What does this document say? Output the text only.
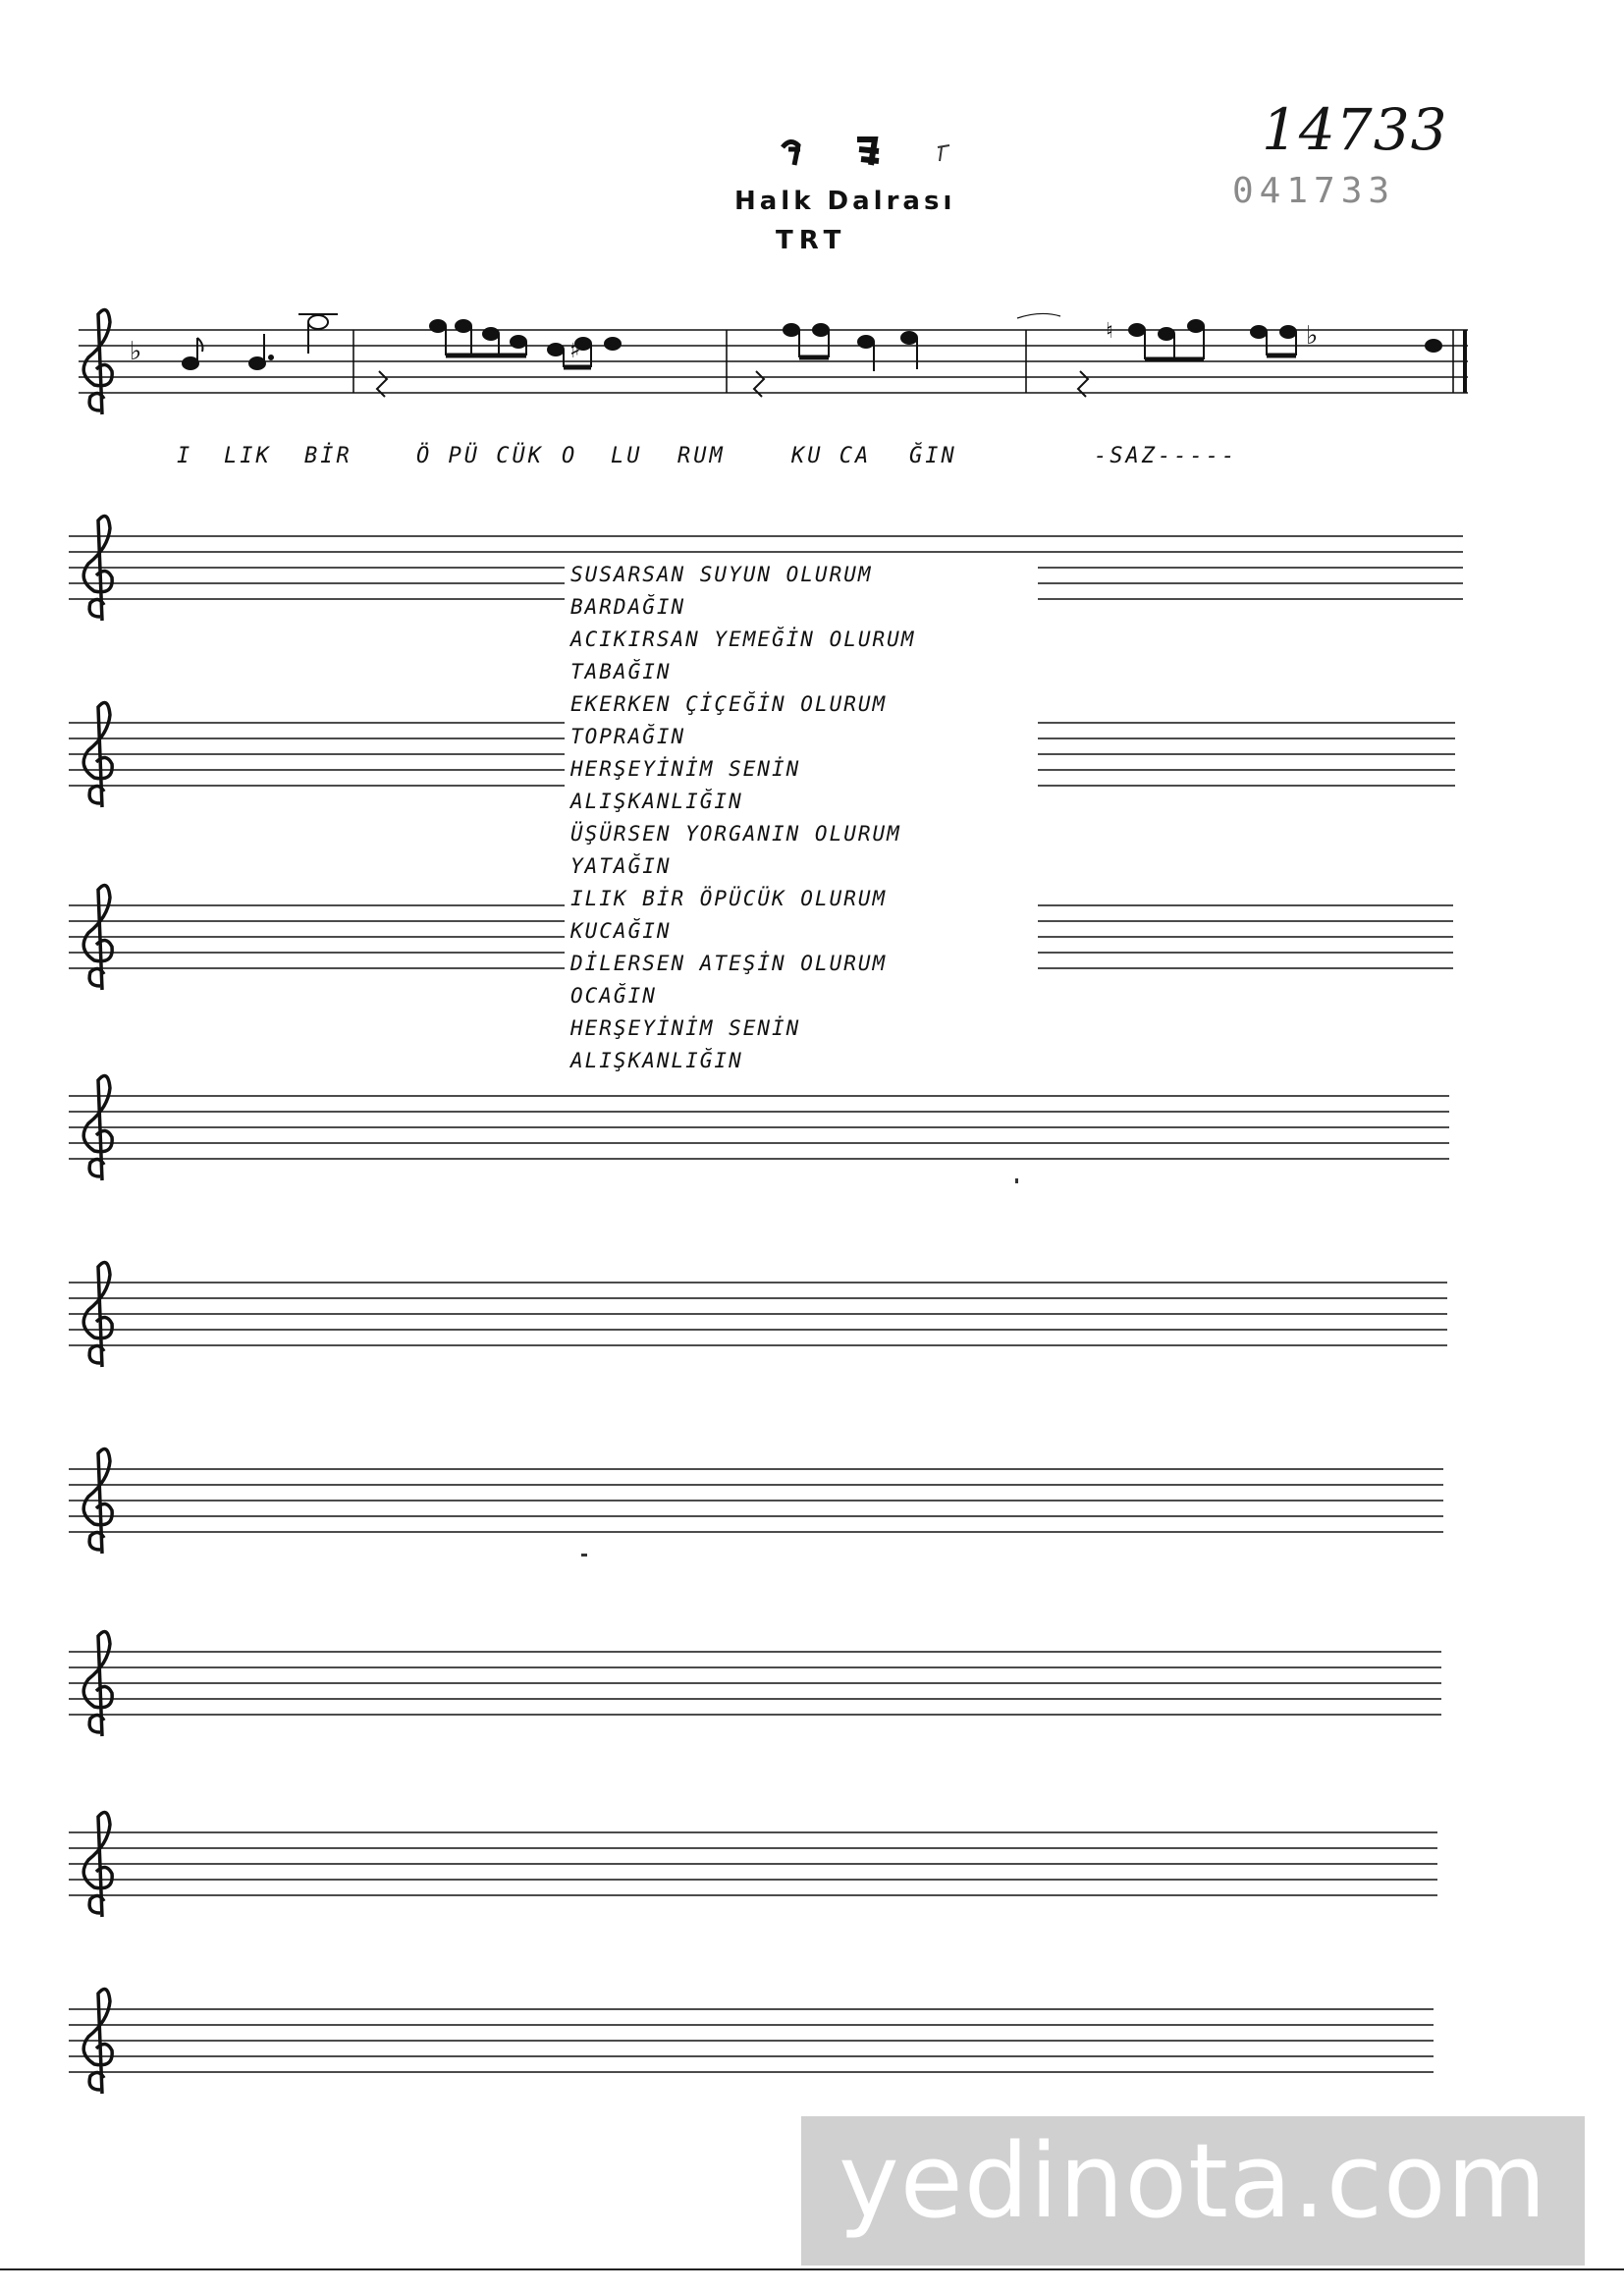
14733
041733
Halk Dalrası
TRT
♭	♯	♭
♮
I LIK BİR	Ö PÜ CÜK O LU RUM	KU CA ĞIN	-SAZ-----
SUSARSAN SUYUN OLURUM
BARDAĞIN
ACIKIRSAN YEMEĞİN OLURUM
TABAĞIN
EKERKEN ÇİÇEĞİN OLURUM
TOPRAĞIN
HERŞEYİNİM SENİN
ALIŞKANLIĞIN
ÜŞÜRSEN YORGANIN OLURUM
YATAĞIN
ILIK BİR ÖPÜCÜK OLURUM
KUCAĞIN
DİLERSEN ATEŞİN OLURUM
OCAĞIN
HERŞEYİNİM SENİN
ALIŞKANLIĞIN
yedinota.com
